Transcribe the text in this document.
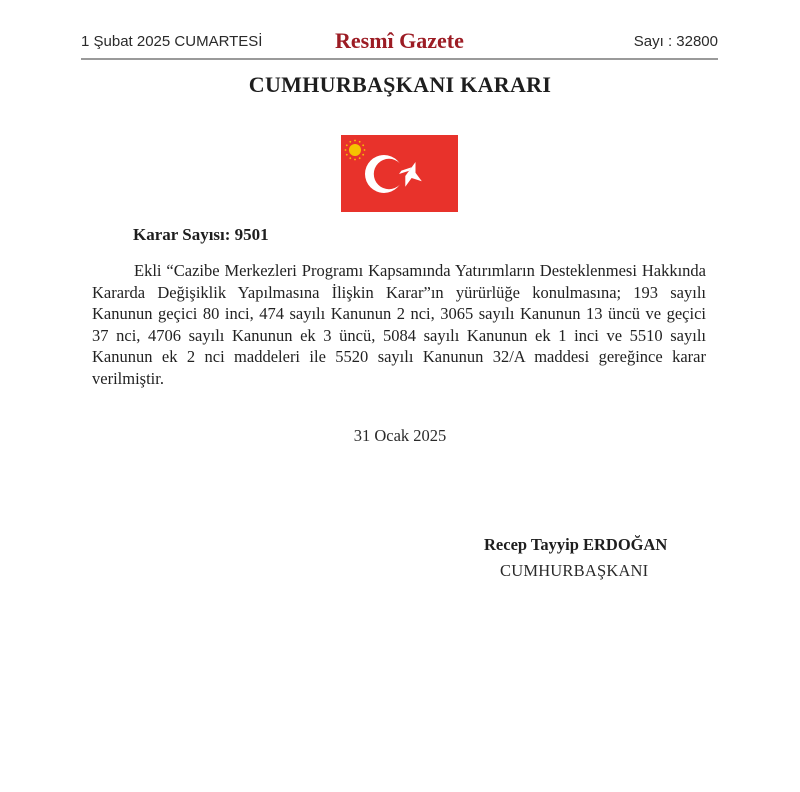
1 Şubat 2025 CUMARTESİ	Resmî Gazete	Sayı : 32800
CUMHURBAŞKANI KARARI
Karar Sayısı: 9501

Ekli “Cazibe Merkezleri Programı Kapsamında Yatırımların Desteklenmesi Hakkında Kararda Değişiklik Yapılmasına İlişkin Karar”ın yürürlüğe konulmasına; 193 sayılı Kanunun geçici 80 inci, 474 sayılı Kanunun 2 nci, 3065 sayılı Kanunun 13 üncü ve geçici 37 nci, 4706 sayılı Kanunun ek 3 üncü, 5084 sayılı Kanunun ek 1 inci ve 5510 sayılı Kanunun ek 2 nci maddeleri ile 5520 sayılı Kanunun 32/A maddesi gereğince karar verilmiştir.

31 Ocak 2025
Recep Tayyip ERDOĞAN
CUMHURBAŞKANI
